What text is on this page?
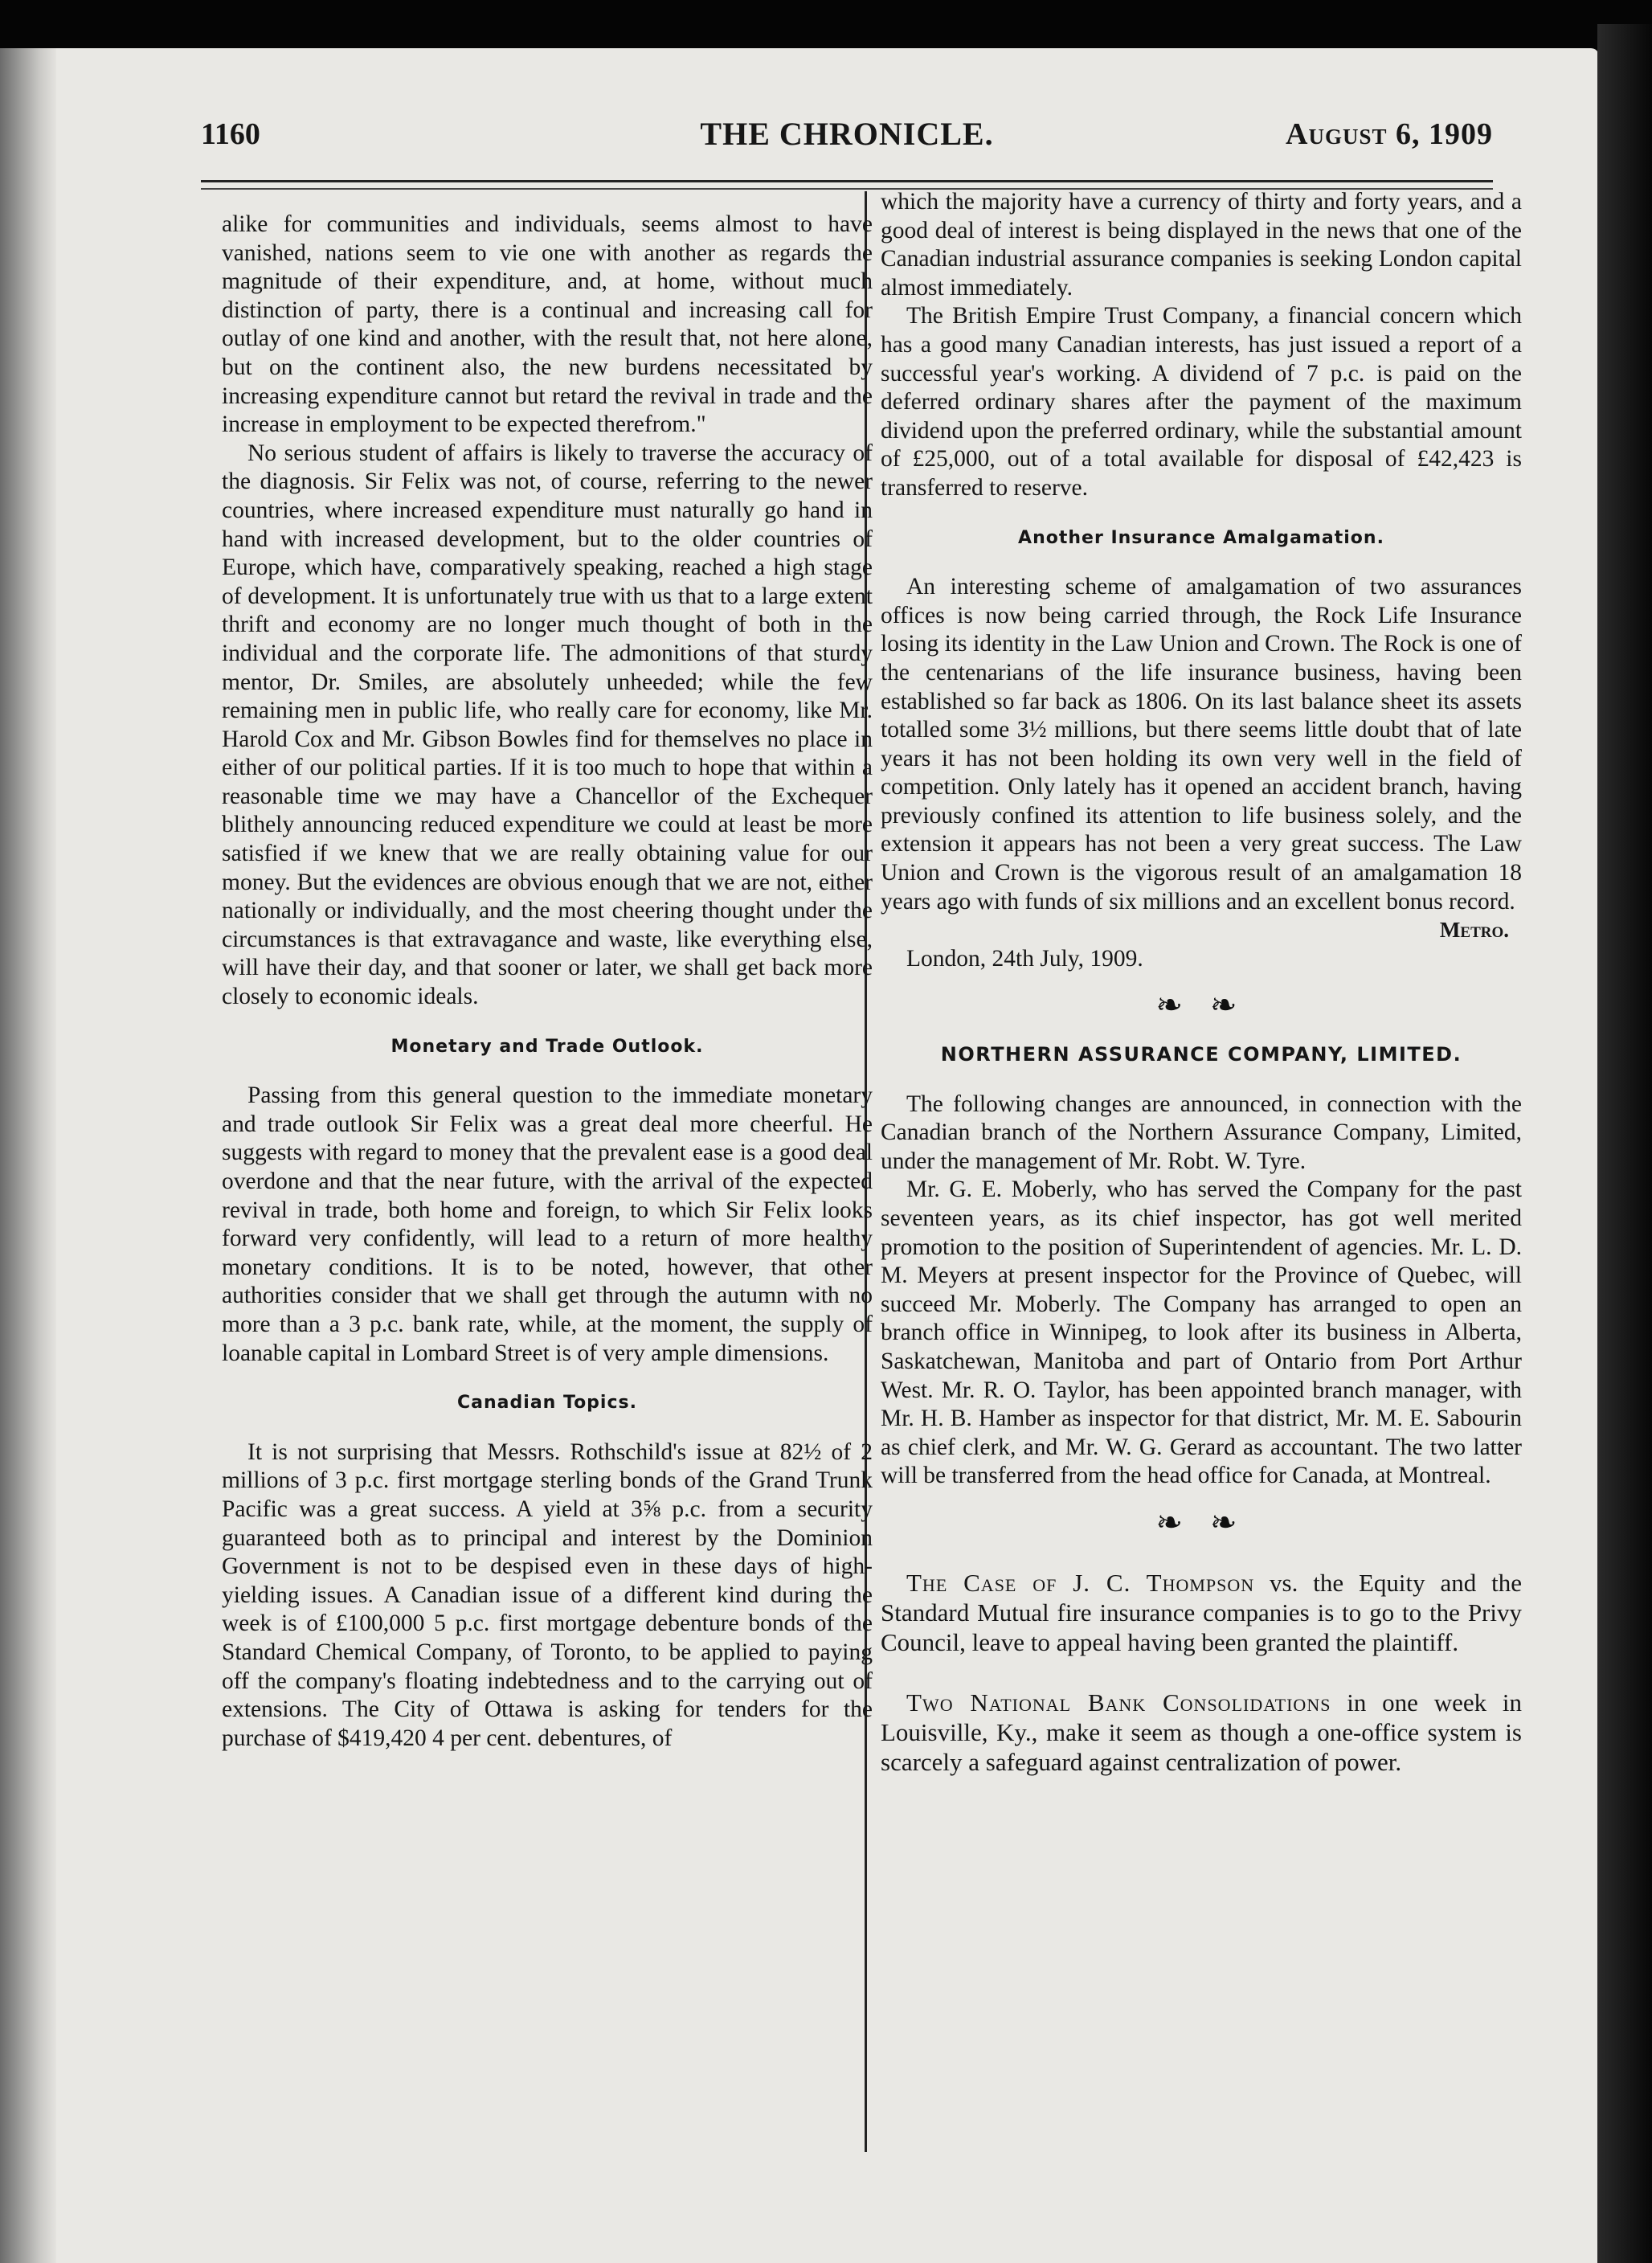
1160	THE CHRONICLE.	August 6, 1909

alike for communities and individuals, seems almost to have vanished, nations seem to vie one with another as regards the magnitude of their expenditure, and, at home, without much distinction of party, there is a continual and increasing call for outlay of one kind and another, with the result that, not here alone, but on the continent also, the new burdens necessitated by increasing expenditure cannot but retard the revival in trade and the increase in employment to be expected therefrom."

No serious student of affairs is likely to traverse the accuracy of the diagnosis. Sir Felix was not, of course, referring to the newer countries, where increased expenditure must naturally go hand in hand with increased development, but to the older countries of Europe, which have, comparatively speaking, reached a high stage of development. It is unfortunately true with us that to a large extent thrift and economy are no longer much thought of both in the individual and the corporate life. The admonitions of that sturdy mentor, Dr. Smiles, are absolutely unheeded; while the few remaining men in public life, who really care for economy, like Mr. Harold Cox and Mr. Gibson Bowles find for themselves no place in either of our political parties. If it is too much to hope that within a reasonable time we may have a Chancellor of the Exchequer blithely announcing reduced expenditure we could at least be more satisfied if we knew that we are really obtaining value for our money. But the evidences are obvious enough that we are not, either nationally or individually, and the most cheering thought under the circumstances is that extravagance and waste, like everything else, will have their day, and that sooner or later, we shall get back more closely to economic ideals.

Monetary and Trade Outlook.

Passing from this general question to the immediate monetary and trade outlook Sir Felix was a great deal more cheerful. He suggests with regard to money that the prevalent ease is a good deal overdone and that the near future, with the arrival of the expected revival in trade, both home and foreign, to which Sir Felix looks forward very confidently, will lead to a return of more healthy monetary conditions. It is to be noted, however, that other authorities consider that we shall get through the autumn with no more than a 3 p.c. bank rate, while, at the moment, the supply of loanable capital in Lombard Street is of very ample dimensions.

Canadian Topics.

It is not surprising that Messrs. Rothschild's issue at 82½ of 2 millions of 3 p.c. first mortgage sterling bonds of the Grand Trunk Pacific was a great success. A yield at 3⅝ p.c. from a security guaranteed both as to principal and interest by the Dominion Government is not to be despised even in these days of high-yielding issues. A Canadian issue of a different kind during the week is of £100,000 5 p.c. first mortgage debenture bonds of the Standard Chemical Company, of Toronto, to be applied to paying off the company's floating indebtedness and to the carrying out of extensions. The City of Ottawa is asking for tenders for the purchase of $419,420 4 per cent. debentures, of

which the majority have a currency of thirty and forty years, and a good deal of interest is being displayed in the news that one of the Canadian industrial assurance companies is seeking London capital almost immediately.

The British Empire Trust Company, a financial concern which has a good many Canadian interests, has just issued a report of a successful year's working. A dividend of 7 p.c. is paid on the deferred ordinary shares after the payment of the maximum dividend upon the preferred ordinary, while the substantial amount of £25,000, out of a total available for disposal of £42,423 is transferred to reserve.

Another Insurance Amalgamation.

An interesting scheme of amalgamation of two assurances offices is now being carried through, the Rock Life Insurance losing its identity in the Law Union and Crown. The Rock is one of the centenarians of the life insurance business, having been established so far back as 1806. On its last balance sheet its assets totalled some 3½ millions, but there seems little doubt that of late years it has not been holding its own very well in the field of competition. Only lately has it opened an accident branch, having previously confined its attention to life business solely, and the extension it appears has not been a very great success. The Law Union and Crown is the vigorous result of an amalgamation 18 years ago with funds of six millions and an excellent bonus record.

Metro.

London, 24th July, 1909.

❧ ❧
NORTHERN ASSURANCE COMPANY, LIMITED.

The following changes are announced, in connection with the Canadian branch of the Northern Assurance Company, Limited, under the management of Mr. Robt. W. Tyre.

Mr. G. E. Moberly, who has served the Company for the past seventeen years, as its chief inspector, has got well merited promotion to the position of Superintendent of agencies. Mr. L. D. M. Meyers at present inspector for the Province of Quebec, will succeed Mr. Moberly. The Company has arranged to open an branch office in Winnipeg, to look after its business in Alberta, Saskatchewan, Manitoba and part of Ontario from Port Arthur West. Mr. R. O. Taylor, has been appointed branch manager, with Mr. H. B. Hamber as inspector for that district, Mr. M. E. Sabourin as chief clerk, and Mr. W. G. Gerard as accountant. The two latter will be transferred from the head office for Canada, at Montreal.

❧ ❧

The Case of J. C. Thompson vs. the Equity and the Standard Mutual fire insurance companies is to go to the Privy Council, leave to appeal having been granted the plaintiff.

Two National Bank Consolidations in one week in Louisville, Ky., make it seem as though a one-office system is scarcely a safeguard against centralization of power.
